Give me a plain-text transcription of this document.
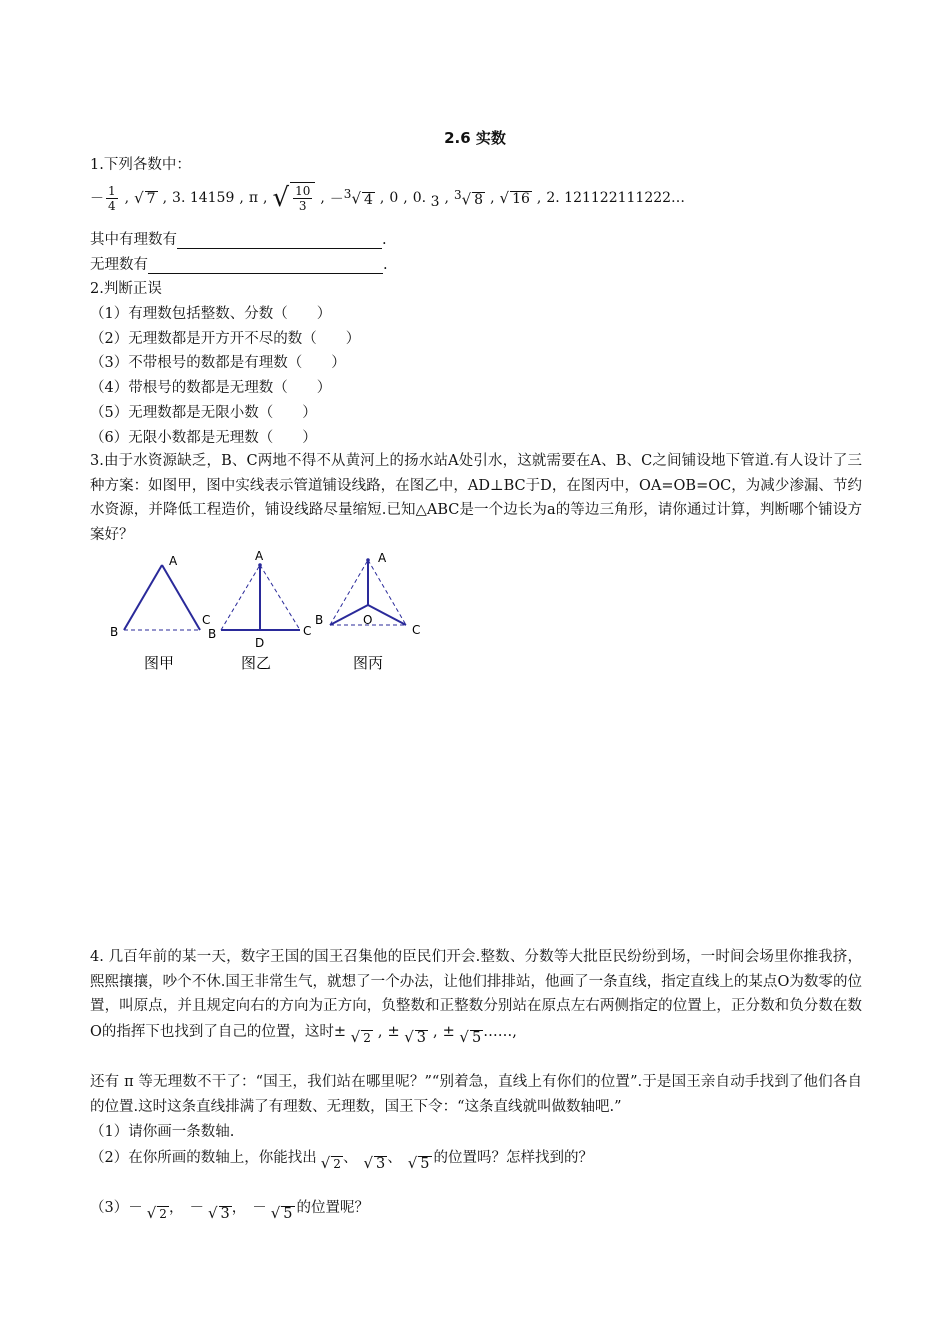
2.6 实数
1.下列各数中：
－ $\frac{1}{4}$ , √ 7 , 3. 14159 , π , √ $\frac{10}{3}$ , －$^3$√ 4 , 0 , 0. 3 , $^3$√ 8 , √ 16 , 2. 121122111222…
其中有理数有	.
无理数有	.
2.判断正误
（1）有理数包括整数、分数（　　）
（2）无理数都是开方开不尽的数（　　）
（3）不带根号的数都是有理数（　　）
（4）带根号的数都是无理数（　　）
（5）无理数都是无限小数（　　）
（6）无限小数都是无理数（　　）
3.由于水资源缺乏，B、C两地不得不从黄河上的扬水站A处引水，这就需要在A、B、C之间铺设地下管道.有人设计了三种方案：如图甲，图中实线表示管道铺设线路，在图乙中，AD⊥BC于D，在图丙中，OA=OB=OC，为减少渗漏、节约水资源，并降低工程造价，铺设线路尽量缩短.已知△ABC是一个边长为a的等边三角形，请你通过计算，判断哪个铺设方案好？
A
B
C
图甲
A
B	C
D
图乙
A
B
C
O
图丙
4. 几百年前的某一天，数字王国的国王召集他的臣民们开会.整数、分数等大批臣民纷纷到场，一时间会场里你推我挤，熙熙攘攘，吵个不休.国王非常生气，就想了一个办法，让他们排排站，他画了一条直线，指定直线上的某点O为数零的位置，叫原点，并且规定向右的方向为正方向，负整数和正整数分别站在原点左右两侧指定的位置上，正分数和负分数在数O的指挥下也找到了自己的位置，这时± $_{√ 2}$ , ± √ 3 , ± √ 5 ……,
还有 π 等无理数不干了：“国王，我们站在哪里呢？”“别着急，直线上有你们的位置”.于是国王亲自动手找到了他们各自的位置.这时这条直线排满了有理数、无理数，国王下令：“这条直线就叫做数轴吧.”
（1）请你画一条数轴.
（2）在你所画的数轴上，你能找出 √ 2 、 √ 3 、 √ 5 的位置吗？怎样找到的？
（3）－ √ 2 ， － √ 3 ， － √ 5 的位置呢？
